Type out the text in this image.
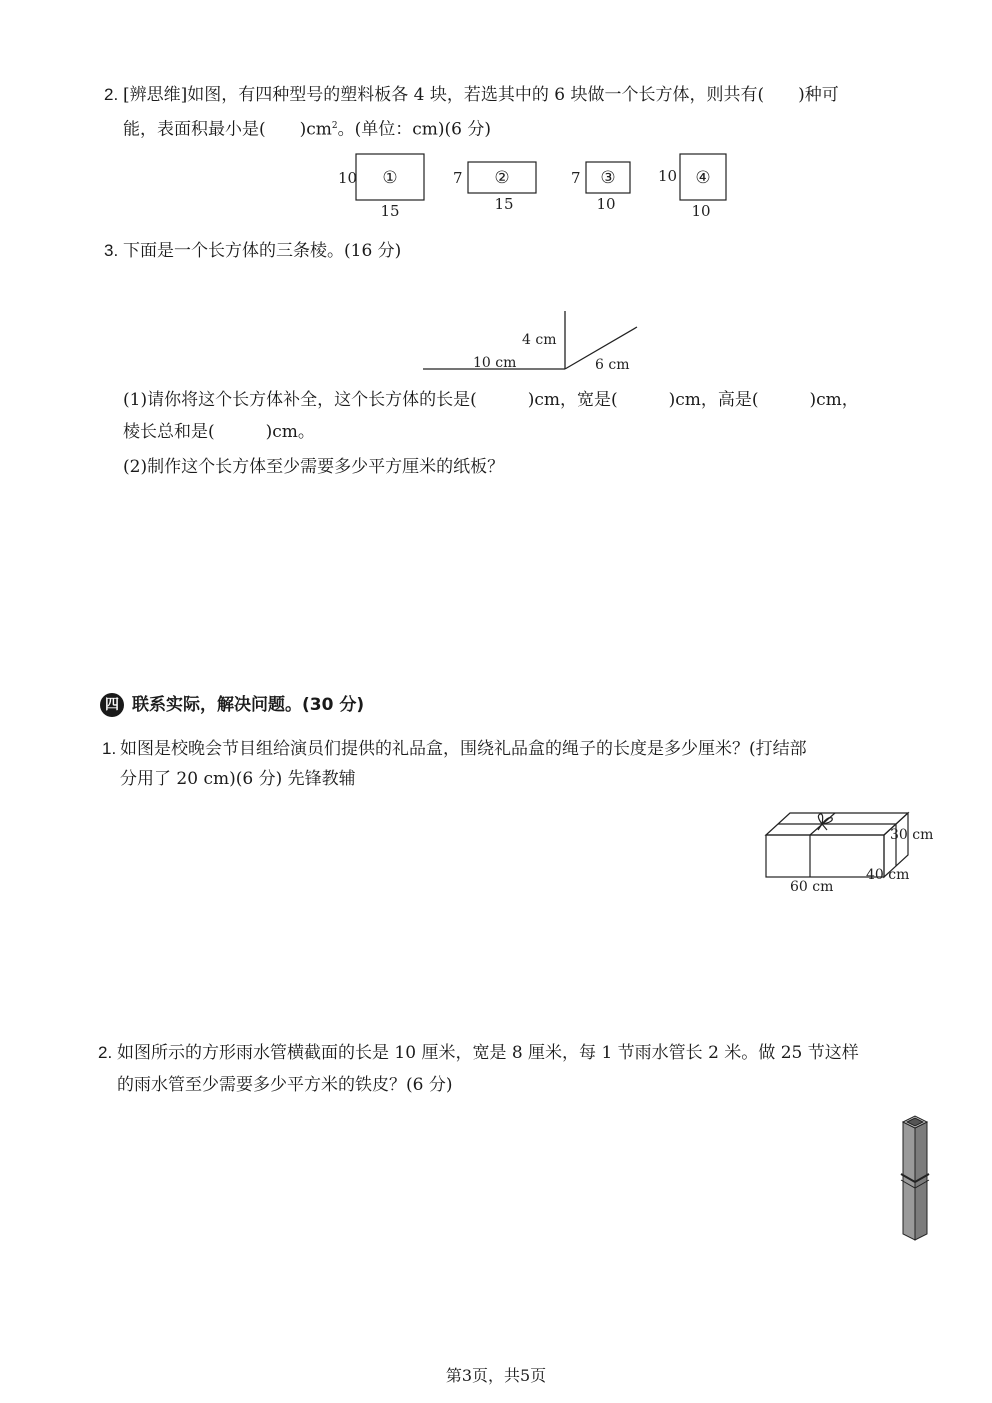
2. [辨思维]如图，有四种型号的塑料板各 4 块，若选其中的 6 块做一个长方体，则共有(　　)种可
能，表面积最小是(　　)$cm^2$。(单位：cm)(6 分)
10 ①
15
7 ②
15
7 ③
10
10 ④
10
3. 下面是一个长方体的三条棱。(16 分)
4 cm
10 cm	6 cm
(1)请你将这个长方体补全，这个长方体的长是(　　　)cm，宽是(　　　)cm，高是(　　　)cm，
棱长总和是(　　　)cm。
(2)制作这个长方体至少需要多少平方厘米的纸板？
四 联系实际，解决问题。(30 分)
1. 如图是校晚会节目组给演员们提供的礼品盒，围绕礼品盒的绳子的长度是多少厘米？(打结部
分用了 20 cm)(6 分) 先锋教辅
30 cm
40 cm
60 cm
2. 如图所示的方形雨水管横截面的长是 10 厘米，宽是 8 厘米，每 1 节雨水管长 2 米。做 25 节这样
的雨水管至少需要多少平方米的铁皮？(6 分)
第3页，共5页
